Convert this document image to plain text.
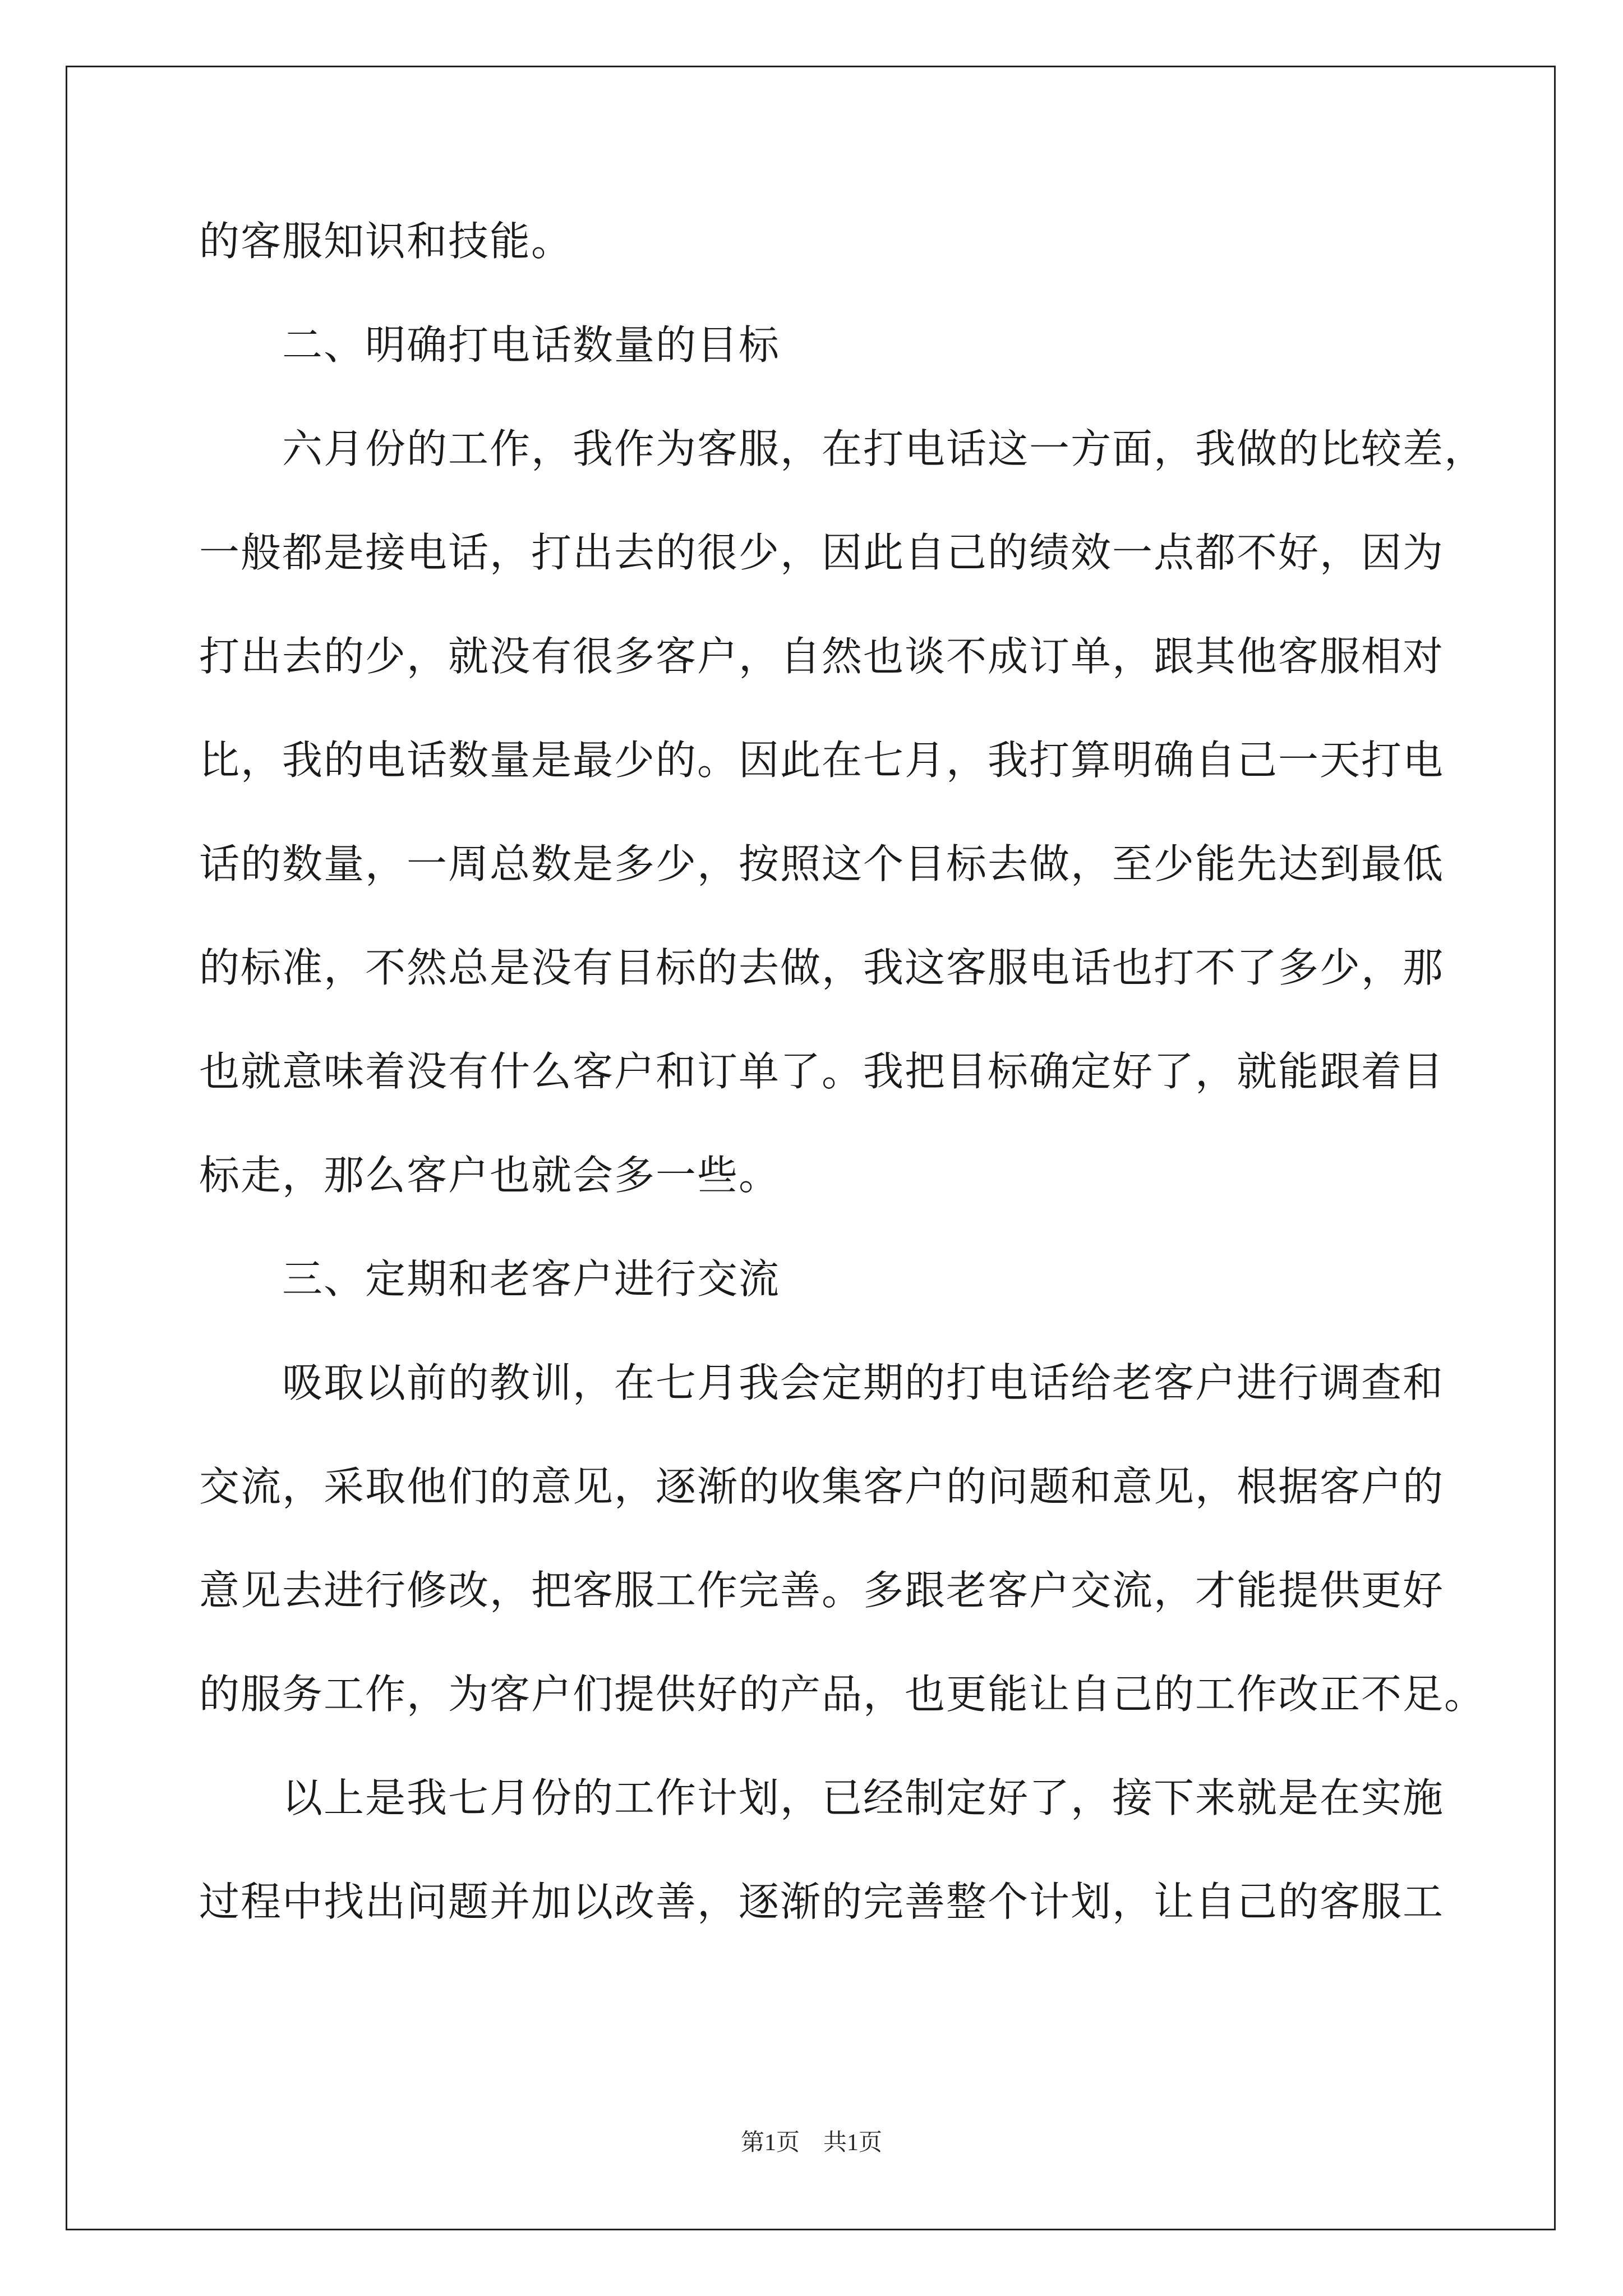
的客服知识和技能。
二、明确打电话数量的目标
六月份的工作，我作为客服，在打电话这一方面，我做的比较差，
一般都是接电话，打出去的很少，因此自己的绩效一点都不好，因为
打出去的少，就没有很多客户，自然也谈不成订单，跟其他客服相对
比，我的电话数量是最少的。因此在七月，我打算明确自己一天打电
话的数量，一周总数是多少，按照这个目标去做，至少能先达到最低
的标准，不然总是没有目标的去做，我这客服电话也打不了多少，那
也就意味着没有什么客户和订单了。我把目标确定好了，就能跟着目
标走，那么客户也就会多一些。
三、定期和老客户进行交流
吸取以前的教训，在七月我会定期的打电话给老客户进行调查和
交流，采取他们的意见，逐渐的收集客户的问题和意见，根据客户的
意见去进行修改，把客服工作完善。多跟老客户交流，才能提供更好
的服务工作，为客户们提供好的产品，也更能让自己的工作改正不足。
以上是我七月份的工作计划，已经制定好了，接下来就是在实施
过程中找出问题并加以改善，逐渐的完善整个计划，让自己的客服工
第1页　共1页
